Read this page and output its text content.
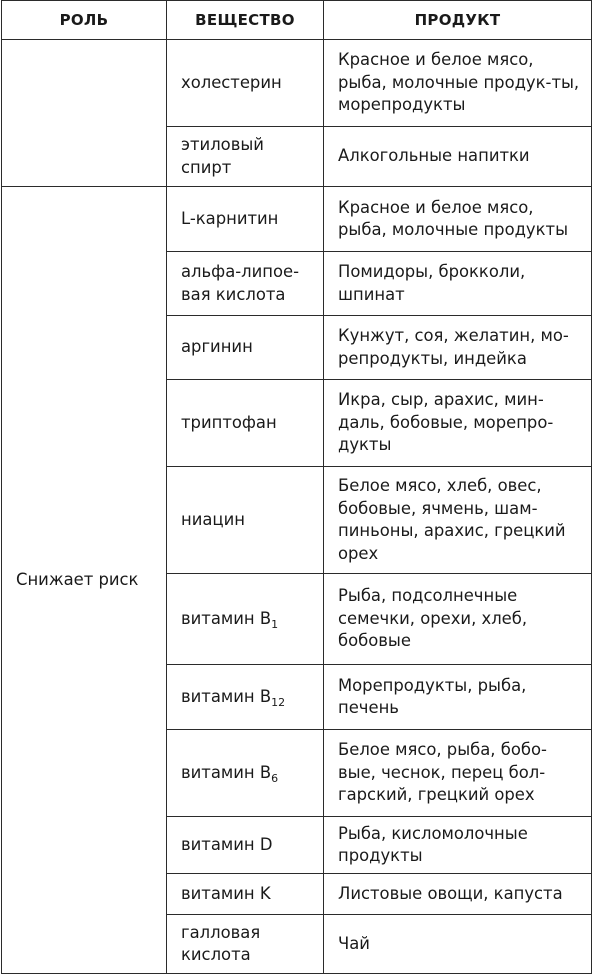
РОЛЬ	ВЕЩЕСТВО	ПРОДУКТ
	холестерин	Красное и белое мясо, рыба, молочные продук-ты, морепродукты
	этиловый спирт	Алкогольные напитки
Снижает риск	L-карнитин	Красное и белое мясо, рыба, молочные продукты
	альфа-липое-вая кислота	Помидоры, брокколи, шпинат
	аргинин	Кунжут, соя, желатин, мо-репродукты, индейка
	триптофан	Икра, сыр, арахис, мин-даль, бобовые, морепро-дукты
	ниацин	Белое мясо, хлеб, овес, бобовые, ячмень, шам-пиньоны, арахис, грецкий орех
	витамин $B_1$	Рыба, подсолнечные семечки, орехи, хлеб, бобовые
	витамин $B_{12}$	Морепродукты, рыба, печень
	витамин $B_6$	Белое мясо, рыба, бобо-вые, чеснок, перец бол-гарский, грецкий орех
	витамин D	Рыба, кисломолочные продукты
	витамин K	Листовые овощи, капуста
	галловая кислота	Чай
